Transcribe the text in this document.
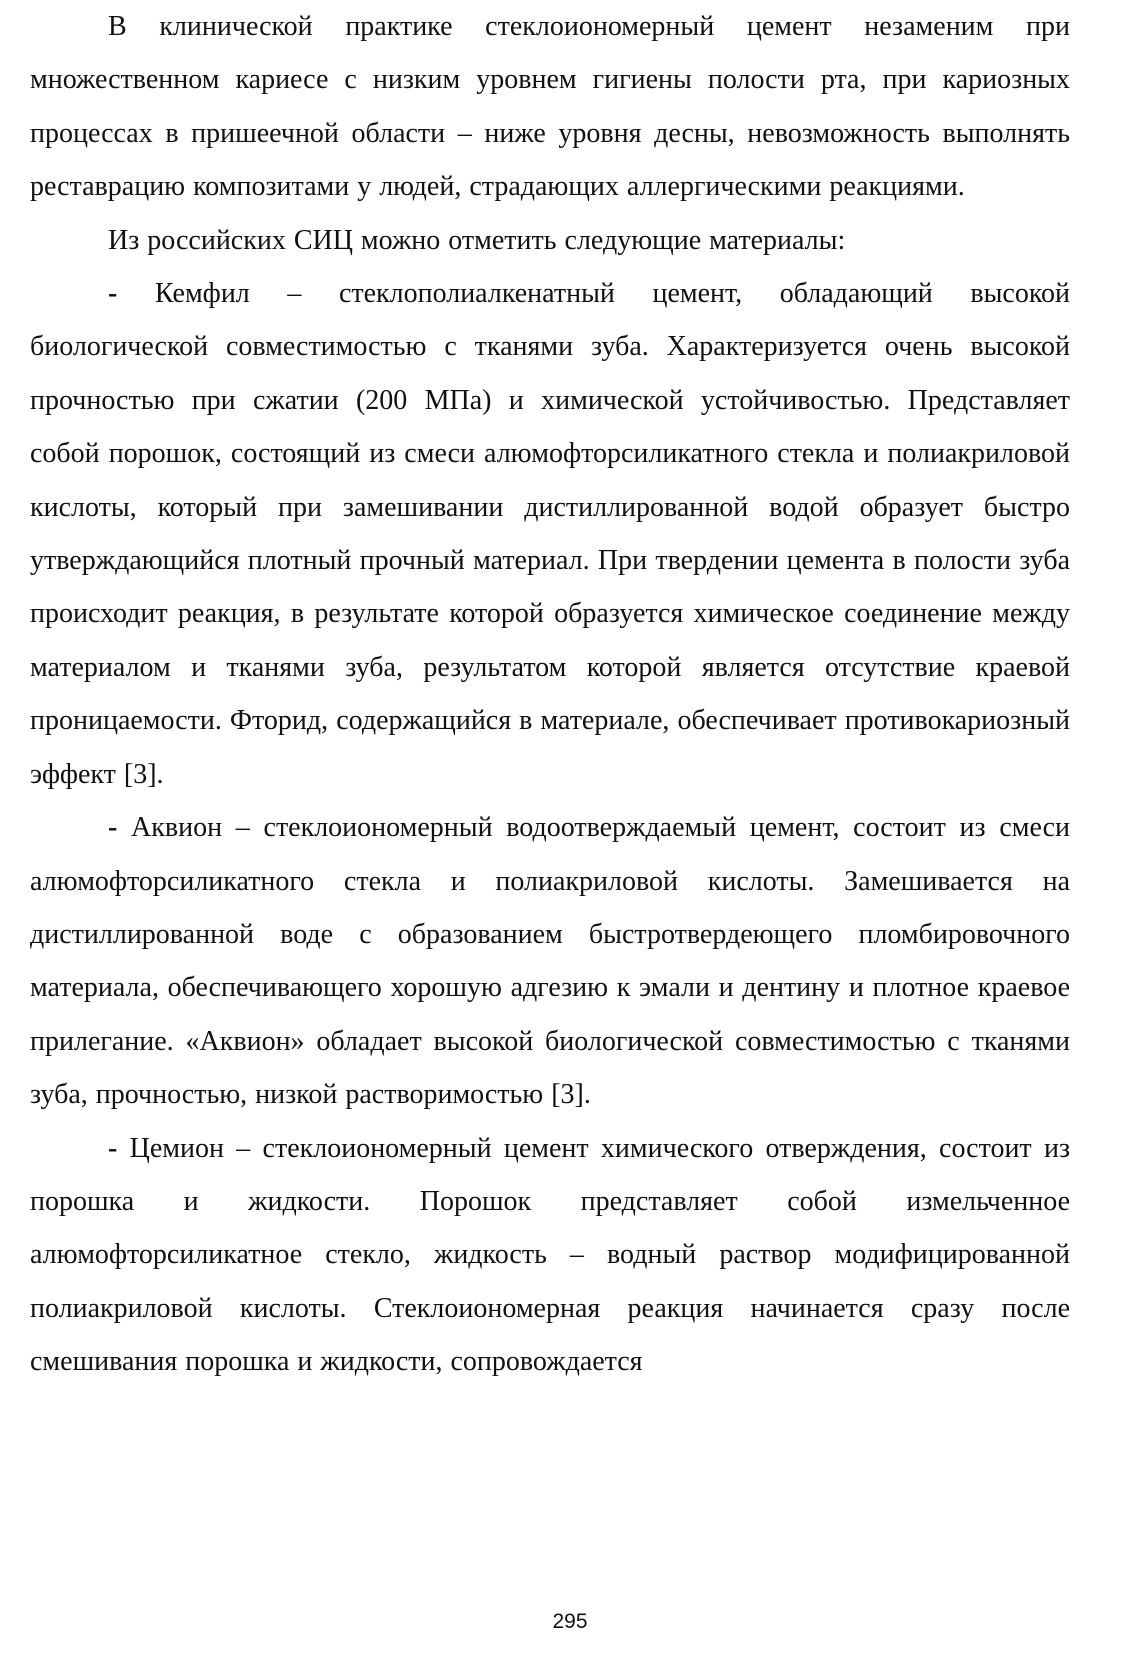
В клинической практике стеклоиономерный цемент незаменим при множественном кариесе с низким уровнем гигиены полости рта, при кариозных процессах в пришеечной области – ниже уровня десны, невозможность выполнять реставрацию композитами у людей, страдающих аллергическими реакциями.

Из российских СИЦ можно отметить следующие материалы:

- Кемфил – стеклополиалкенатный цемент, обладающий высокой биологической совместимостью с тканями зуба. Характеризуется очень высокой прочностью при сжатии (200 МПа) и химической устойчивостью. Представляет собой порошок, состоящий из смеси алюмофторсиликатного стекла и полиакриловой кислоты, который при замешивании дистиллированной водой образует быстро утверждающийся плотный прочный материал. При твердении цемента в полости зуба происходит реакция, в результате которой образуется химическое соединение между материалом и тканями зуба, результатом которой является отсутствие краевой проницаемости. Фторид, содержащийся в материале, обеспечивает противокариозный эффект [3].

- Аквион – стеклоиономерный водоотверждаемый цемент, состоит из смеси алюмофторсиликатного стекла и полиакриловой кислоты. Замешивается на дистиллированной воде с образованием быстротвердеющего пломбировочного материала, обеспечивающего хорошую адгезию к эмали и дентину и плотное краевое прилегание. «Аквион» обладает высокой биологической совместимостью с тканями зуба, прочностью, низкой растворимостью [3].

- Цемион – стеклоиономерный цемент химического отверждения, состоит из порошка и жидкости. Порошок представляет собой измельченное алюмофторсиликатное стекло, жидкость – водный раствор модифицированной полиакриловой кислоты. Стеклоиономерная реакция начинается сразу после смешивания порошка и жидкости, сопровождается

295
